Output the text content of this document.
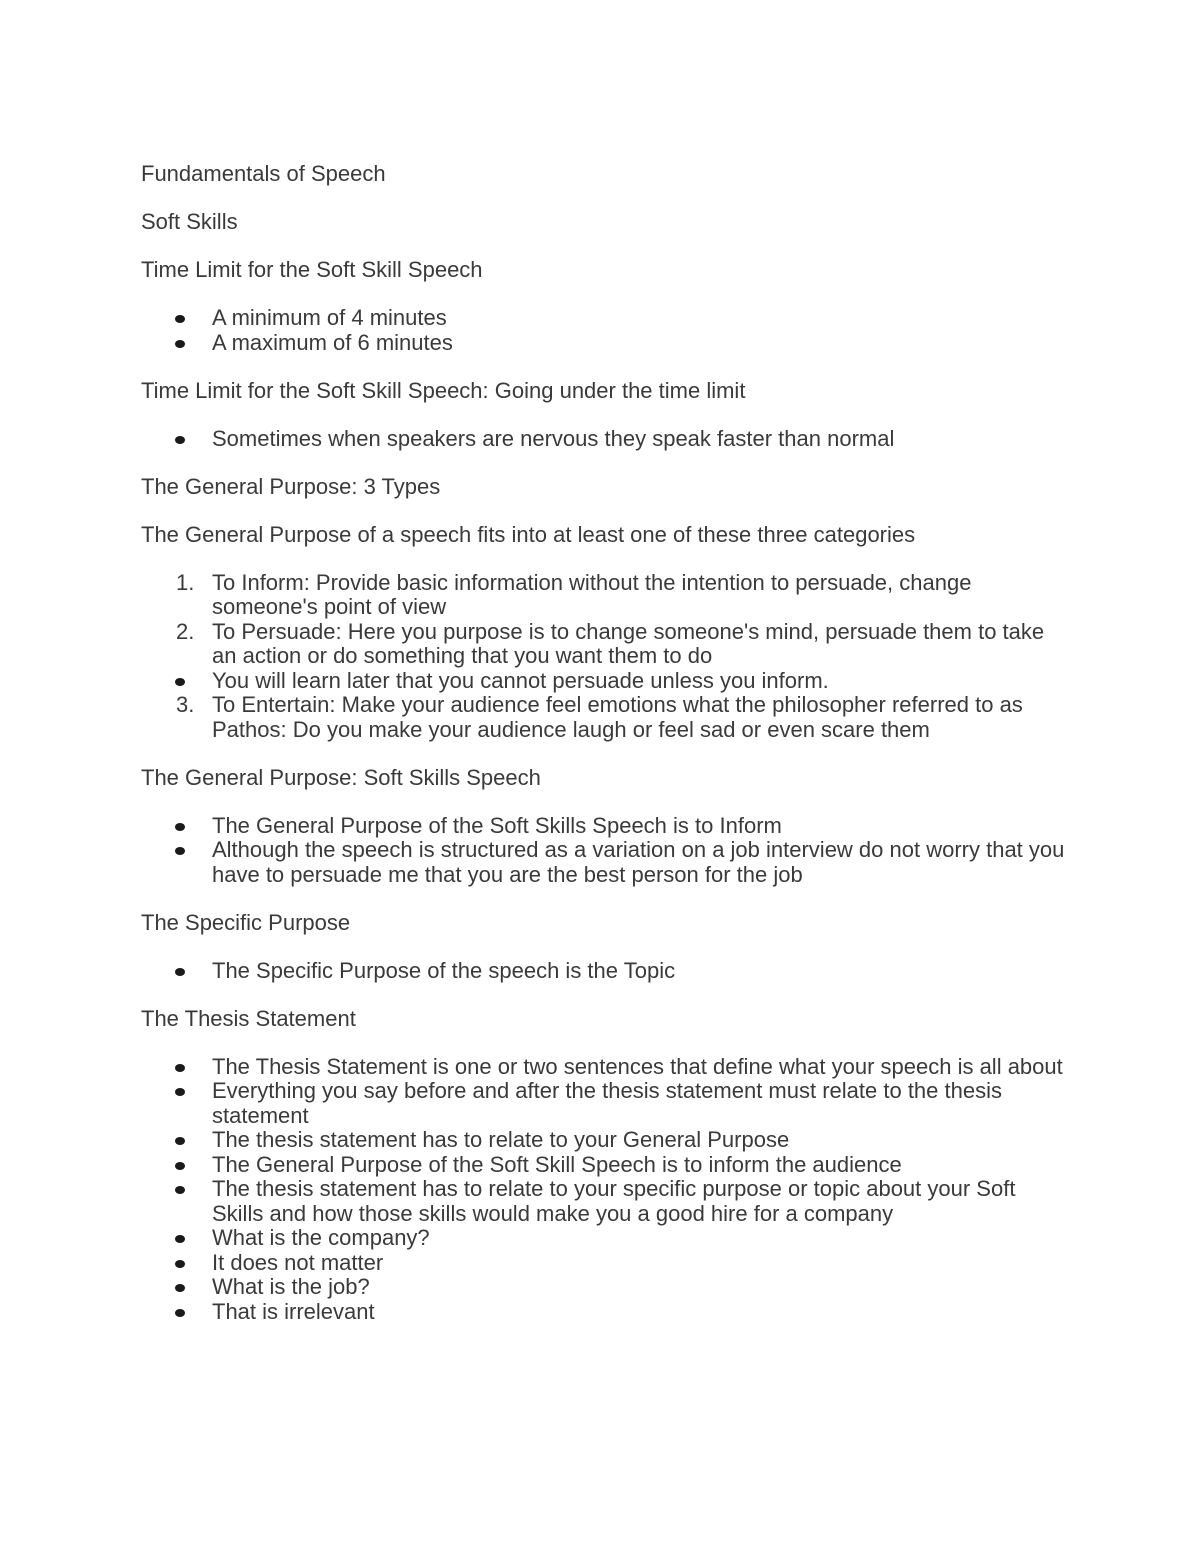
Fundamentals of Speech

Soft Skills

Time Limit for the Soft Skill Speech

A minimum of 4 minutes
A maximum of 6 minutes

Time Limit for the Soft Skill Speech: Going under the time limit

Sometimes when speakers are nervous they speak faster than normal

The General Purpose: 3 Types

The General Purpose of a speech fits into at least one of these three categories

1. To Inform: Provide basic information without the intention to persuade, change someone's point of view
2. To Persuade: Here you purpose is to change someone's mind, persuade them to take an action or do something that you want them to do
You will learn later that you cannot persuade unless you inform.
3. To Entertain: Make your audience feel emotions what the philosopher referred to as Pathos: Do you make your audience laugh or feel sad or even scare them

The General Purpose: Soft Skills Speech

The General Purpose of the Soft Skills Speech is to Inform
Although the speech is structured as a variation on a job interview do not worry that you have to persuade me that you are the best person for the job

The Specific Purpose

The Specific Purpose of the speech is the Topic

The Thesis Statement

The Thesis Statement is one or two sentences that define what your speech is all about
Everything you say before and after the thesis statement must relate to the thesis statement
The thesis statement has to relate to your General Purpose
The General Purpose of the Soft Skill Speech is to inform the audience
The thesis statement has to relate to your specific purpose or topic about your Soft Skills and how those skills would make you a good hire for a company
What is the company?
It does not matter
What is the job?
That is irrelevant
